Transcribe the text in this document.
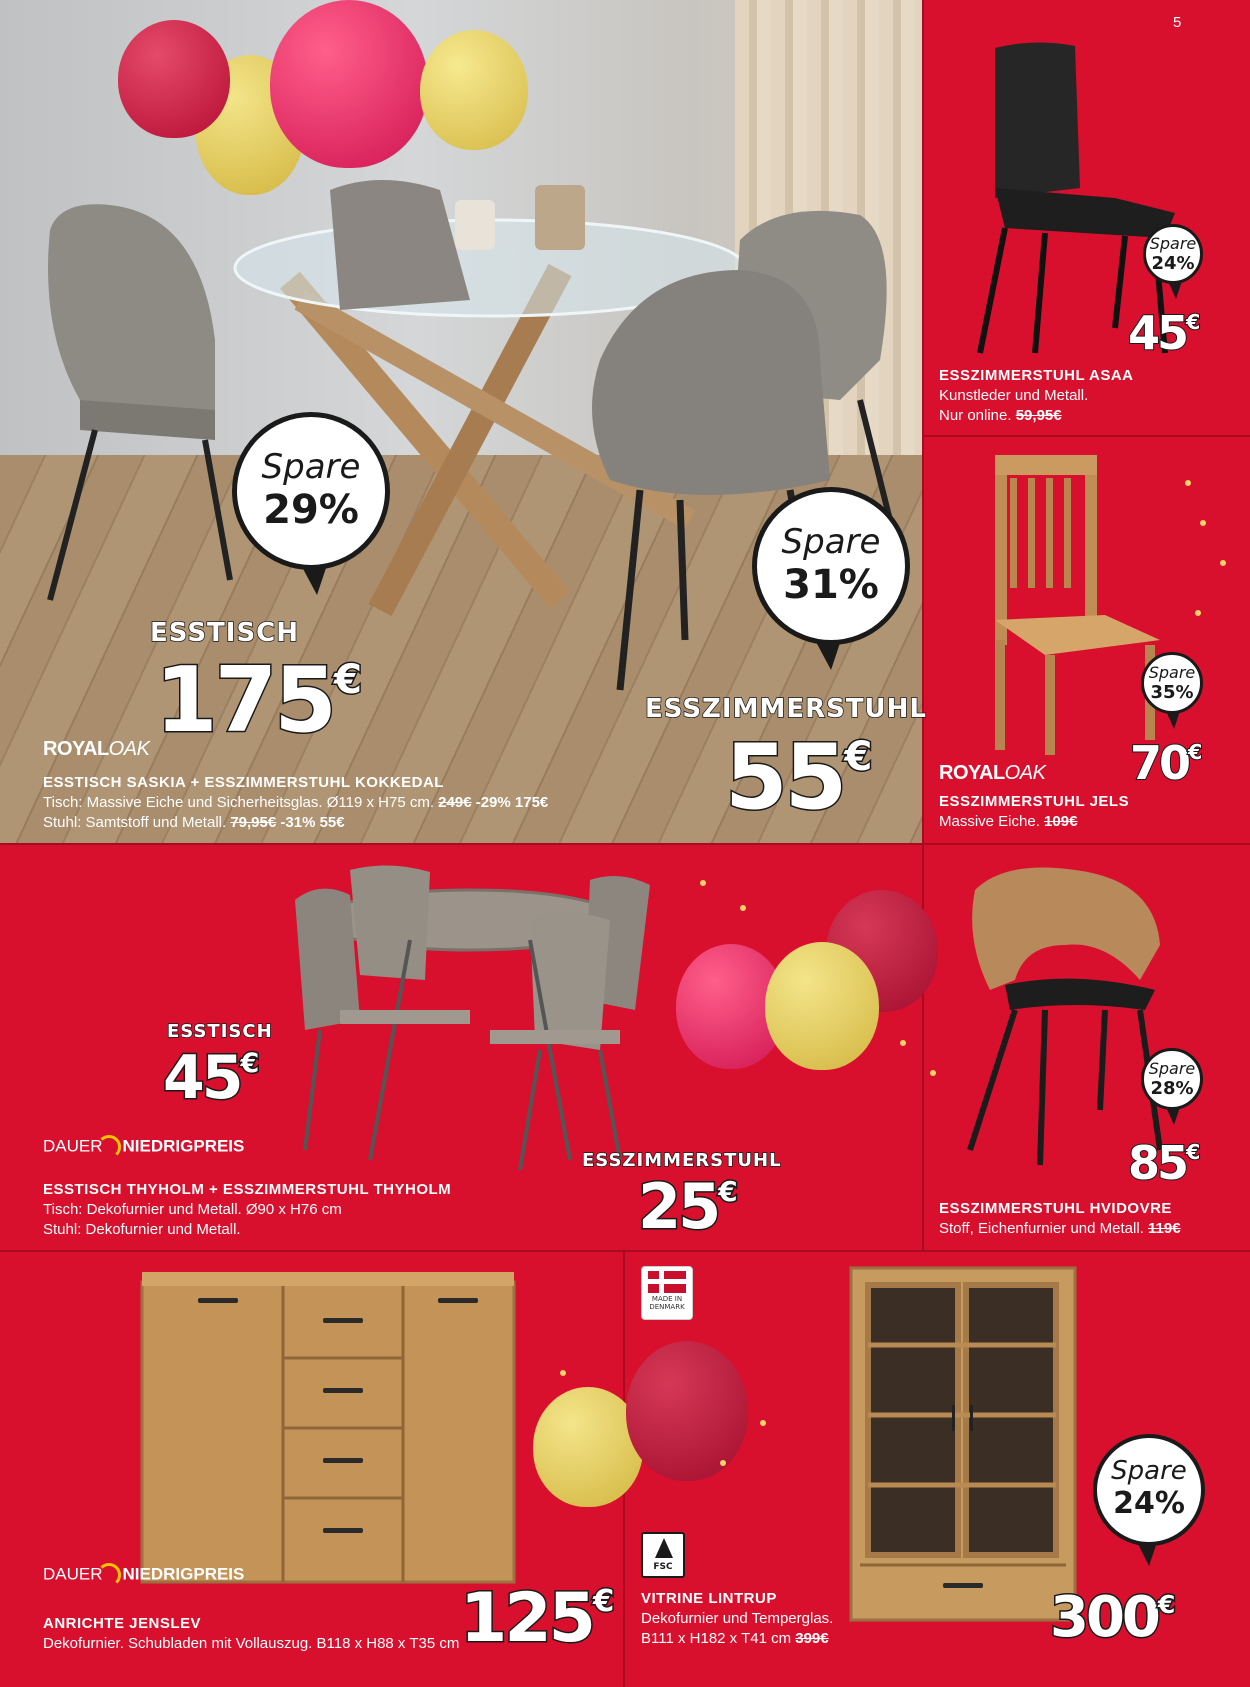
5
Spare
29%
Spare
31%
ESSTISCH
175€
ESSZIMMERSTUHL
55€
ROYALOAK
ESSTISCH SASKIA + ESSZIMMERSTUHL KOKKEDAL
Tisch: Massive Eiche und Sicherheitsglas. Ø119 x H75 cm. 249€ -29% 175€
Stuhl: Samtstoff und Metall. 79,95€ -31% 55€
Spare
24%
45€
ESSZIMMERSTUHL ASAA
Kunstleder und Metall.
Nur online. 59,95€
Spare
35%
70€
ROYALOAK
ESSZIMMERSTUHL JELS
Massive Eiche. 109€
ESSTISCH
45€
ESSZIMMERSTUHL
25€
DAUER NIEDRIGPREIS
ESSTISCH THYHOLM + ESSZIMMERSTUHL THYHOLM
Tisch: Dekofurnier und Metall. Ø90 x H76 cm
Stuhl: Dekofurnier und Metall.
Spare
28%
85€
ESSZIMMERSTUHL HVIDOVRE
Stoff, Eichenfurnier und Metall. 119€
DAUER NIEDRIGPREIS
125€
ANRICHTE JENSLEV
Dekofurnier. Schubladen mit Vollauszug. B118 x H88 x T35 cm
MADE IN DENMARK
FSC
Spare
24%
300€
VITRINE LINTRUP
Dekofurnier und Temperglas.
B111 x H182 x T41 cm 399€
